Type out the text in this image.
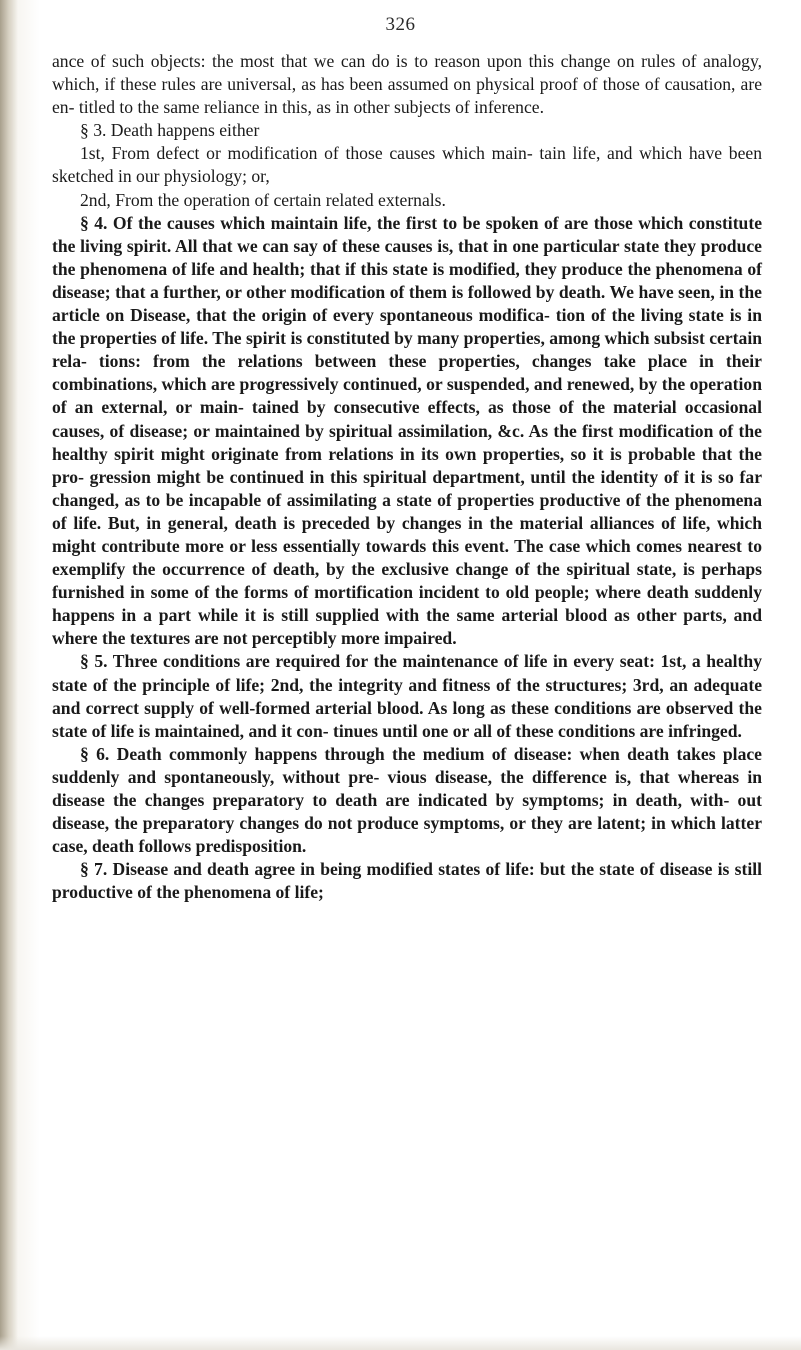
326

ance of such objects: the most that we can do is to reason upon this change on rules of analogy, which, if these rules are universal, as has been assumed on physical proof of those of causation, are en- titled to the same reliance in this, as in other subjects of inference.

§ 3. Death happens either

1st, From defect or modification of those causes which main- tain life, and which have been sketched in our physiology; or,

2nd, From the operation of certain related externals.

§ 4. Of the causes which maintain life, the first to be spoken of are those which constitute the living spirit. All that we can say of these causes is, that in one particular state they produce the phenomena of life and health; that if this state is modified, they produce the phenomena of disease; that a further, or other modification of them is followed by death. We have seen, in the article on Disease, that the origin of every spontaneous modifica- tion of the living state is in the properties of life. The spirit is constituted by many properties, among which subsist certain rela- tions: from the relations between these properties, changes take place in their combinations, which are progressively continued, or suspended, and renewed, by the operation of an external, or main- tained by consecutive effects, as those of the material occasional causes, of disease; or maintained by spiritual assimilation, &c. As the first modification of the healthy spirit might originate from relations in its own properties, so it is probable that the pro- gression might be continued in this spiritual department, until the identity of it is so far changed, as to be incapable of assimilating a state of properties productive of the phenomena of life. But, in general, death is preceded by changes in the material alliances of life, which might contribute more or less essentially towards this event. The case which comes nearest to exemplify the occurrence of death, by the exclusive change of the spiritual state, is perhaps furnished in some of the forms of mortification incident to old people; where death suddenly happens in a part while it is still supplied with the same arterial blood as other parts, and where the textures are not perceptibly more impaired.

§ 5. Three conditions are required for the maintenance of life in every seat: 1st, a healthy state of the principle of life; 2nd, the integrity and fitness of the structures; 3rd, an adequate and correct supply of well-formed arterial blood. As long as these conditions are observed the state of life is maintained, and it con- tinues until one or all of these conditions are infringed.

§ 6. Death commonly happens through the medium of disease: when death takes place suddenly and spontaneously, without pre- vious disease, the difference is, that whereas in disease the changes preparatory to death are indicated by symptoms; in death, with- out disease, the preparatory changes do not produce symptoms, or they are latent; in which latter case, death follows predisposition.

§ 7. Disease and death agree in being modified states of life: but the state of disease is still productive of the phenomena of life;
